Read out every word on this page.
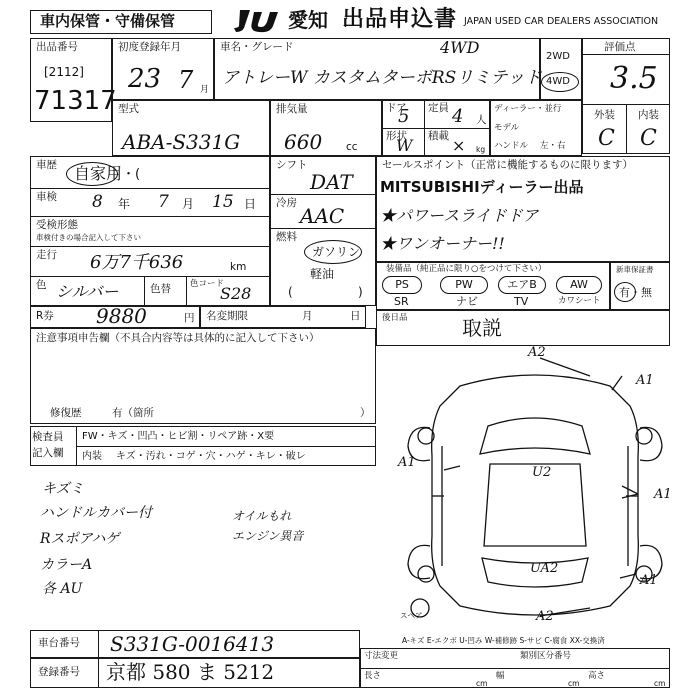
車内保管・守備保管	愛知 出品申込書 JAPAN USED CAR DEALERS ASSOCIATION
出品番号
[2112]
71317
初度登録年月
23 7 月
車名・グレード	4WD
アトレーW カスタムターボRSリミテッド
2WD
4WD
評価点
3.5
外装 内装
C C
型式
ABA-S331G
排気量
660 cc
ドア
5 定員 4 人
形状
W 積載 × kg
ディーラー・並行
モデル
ハンドル 左・右
車歴 自家用 ・(
車検 8 年 7 月 15 日
受検形態
車検付きの場合記入して下さい
走行 6万7千636	km
色 シルバー	色替 色コード
S28
シフト
DAT
冷房
AAC
燃料
ガソリン
軽油
(	)
セールスポイント（正常に機能するものに限ります）
MITSUBISHIディーラー出品
★パワースライドドア
★ワンオーナー!!
装備品（純正品に限り○をつけて下さい）
PS	PW	エアB	AW
SR	ナビ	TV	カワシート
新車保証書
有・無
R券 9880	円 名変期限	月	日	後日品	取説
注意事項申告欄（不具合内容等は具体的に記入して下さい）
修復歴	有（箇所	）
検査員
記入欄
FW・キズ・凹凸・ヒビ割・リペア跡・X要
内装 キズ・汚れ・コゲ・穴・ハゲ・キレ・破レ
キズミ
ハンドルカバー付
Rスポアハゲ
カラーA
各 AU
オイルもれ
エンジン異音
A2
A1
A1
A1
U2
UA2
A1
A2
スペア
A-キズ E-エクボ U-凹み W-補修跡 S-サビ C-腐食 XX-交換済
車台番号 S331G-0016413
登録番号 京都 580 ま 5212
寸法変更	類別区分番号
長さ
cm
幅
cm
高さ
cm
